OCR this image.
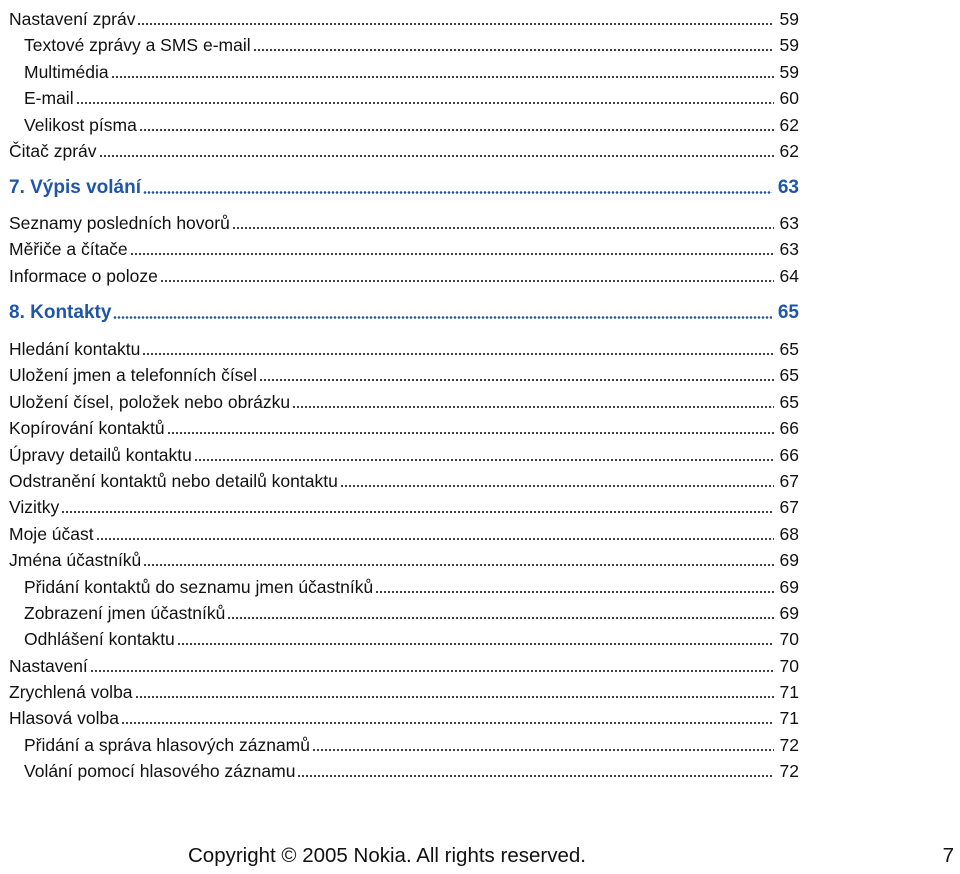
Nastavení zpráv	59
Textové zprávy a SMS e-mail	59
Multimédia	59
E-mail	60
Velikost písma	62
Čitač zpráv	62
7. Výpis volání	63
Seznamy posledních hovorů	63
Měřiče a čítače	63
Informace o poloze	64
8. Kontakty	65
Hledání kontaktu	65
Uložení jmen a telefonních čísel	65
Uložení čísel, položek nebo obrázku	65
Kopírování kontaktů	66
Úpravy detailů kontaktu	66
Odstranění kontaktů nebo detailů kontaktu	67
Vizitky	67
Moje účast	68
Jména účastníků	69
Přidání kontaktů do seznamu jmen účastníků	69
Zobrazení jmen účastníků	69
Odhlášení kontaktu	70
Nastavení	70
Zrychlená volba	71
Hlasová volba	71
Přidání a správa hlasových záznamů	72
Volání pomocí hlasového záznamu	72
Copyright © 2005 Nokia. All rights reserved.	7
